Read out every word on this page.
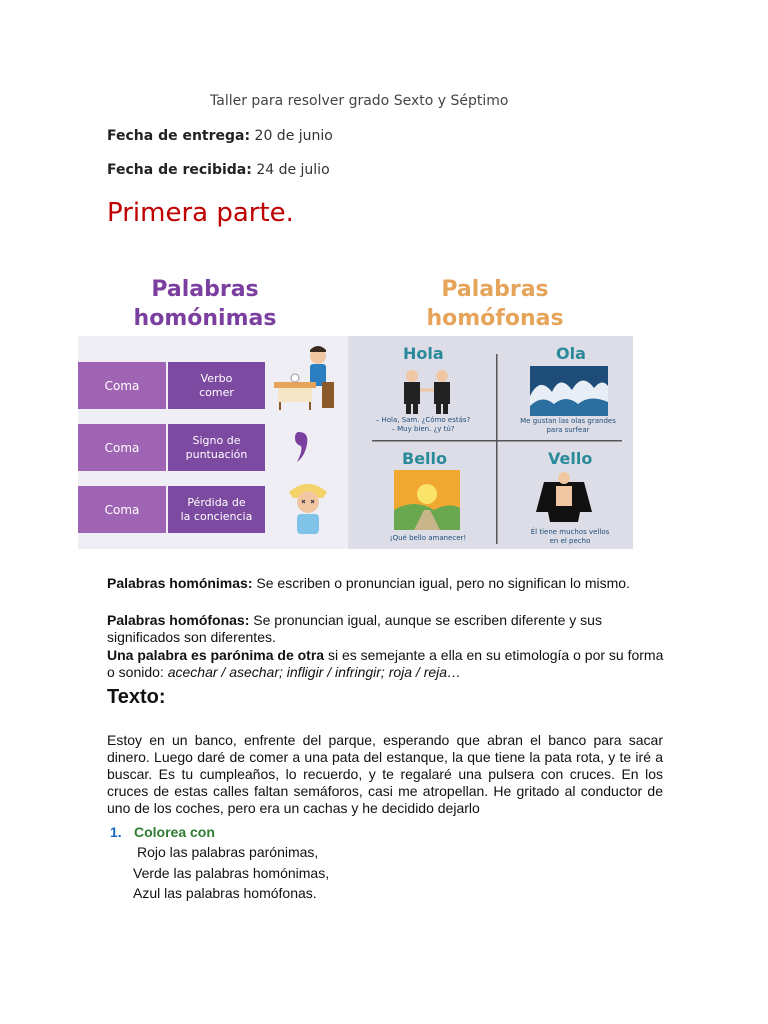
Taller para resolver grado Sexto y Séptimo
Fecha de entrega: 20 de junio
Fecha de recibida: 24 de julio
Primera parte.
Palabras
homónimas
Palabras
homófonas
Coma
Verbo
comer
Coma
Signo de
puntuación
Coma
Pérdida de
la conciencia
Hola	Ola
Bello	Vello
– Hola, Sam. ¿Cómo estás?
– Muy bien. ¿y tú?
Me gustan las olas grandes
para surfear
¡Qué bello amanecer!
Él tiene muchos vellos
en el pecho
Palabras homónimas: Se escriben o pronuncian igual, pero no significan lo mismo.
Palabras homófonas: Se pronuncian igual, aunque se escriben diferente y sus significados son diferentes.
Una palabra es parónima de otra si es semejante a ella en su etimología o por su forma o sonido: acechar / asechar; infligir / infringir; roja / reja…
Texto:
Estoy en un banco, enfrente del parque, esperando que abran el banco para sacar dinero. Luego daré de comer a una pata del estanque, la que tiene la pata rota, y te iré a buscar. Es tu cumpleaños, lo recuerdo, y te regalaré una pulsera con cruces. En los cruces de estas calles faltan semáforos, casi me atropellan. He gritado al conductor de uno de los coches, pero era un cachas y he decidido dejarlo
1. Colorea con
Rojo las palabras parónimas,
Verde las palabras homónimas,
Azul las palabras homófonas.
